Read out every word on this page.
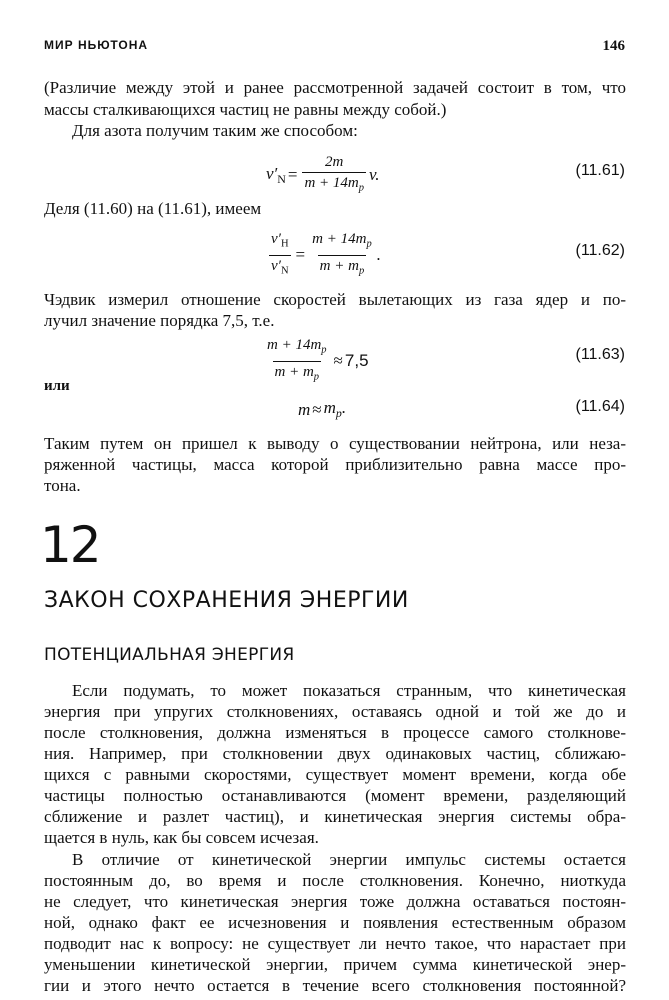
МИР НЬЮТОНА	146
(Различие между этой и ранее рассмотренной задачей состоит в том, что
массы сталкивающихся частиц не равны между собой.)
Для азота получим таким же способом:
$v'_N = \frac{2m}{m + 14m_p} v$.	(11.61)
Деля (11.60) на (11.61), имеем
$\frac{v'_H}{v'_N} = \frac{m + 14m_p}{m + m_p}$ .	(11.62)
Чэдвик измерил отношение скоростей вылетающих из газа ядер и по-
лучил значение порядка 7,5, т.е.
$\frac{m + 14m_p}{m + m_p} \approx 7,5$	(11.63)
или
$m \approx m_p$.	(11.64)
Таким путем он пришел к выводу о существовании нейтрона, или неза-
ряженной частицы, масса которой приблизительно равна массе про-
тона.
12
ЗАКОН СОХРАНЕНИЯ ЭНЕРГИИ
ПОТЕНЦИАЛЬНАЯ ЭНЕРГИЯ
Если подумать, то может показаться странным, что кинетическая
энергия при упругих столкновениях, оставаясь одной и той же до и
после столкновения, должна изменяться в процессе самого столкнове-
ния. Например, при столкновении двух одинаковых частиц, сближаю-
щихся с равными скоростями, существует момент времени, когда обе
частицы полностью останавливаются (момент времени, разделяющий
сближение и разлет частиц), и кинетическая энергия системы обра-
щается в нуль, как бы совсем исчезая.
В отличие от кинетической энергии импульс системы остается
постоянным до, во время и после столкновения. Конечно, ниоткуда
не следует, что кинетическая энергия тоже должна оставаться постоян-
ной, однако факт ее исчезновения и появления естественным образом
подводит нас к вопросу: не существует ли нечто такое, что нарастает при
уменьшении кинетической энергии, причем сумма кинетической энер-
гии и этого нечто остается в течение всего столкновения постоянной?
